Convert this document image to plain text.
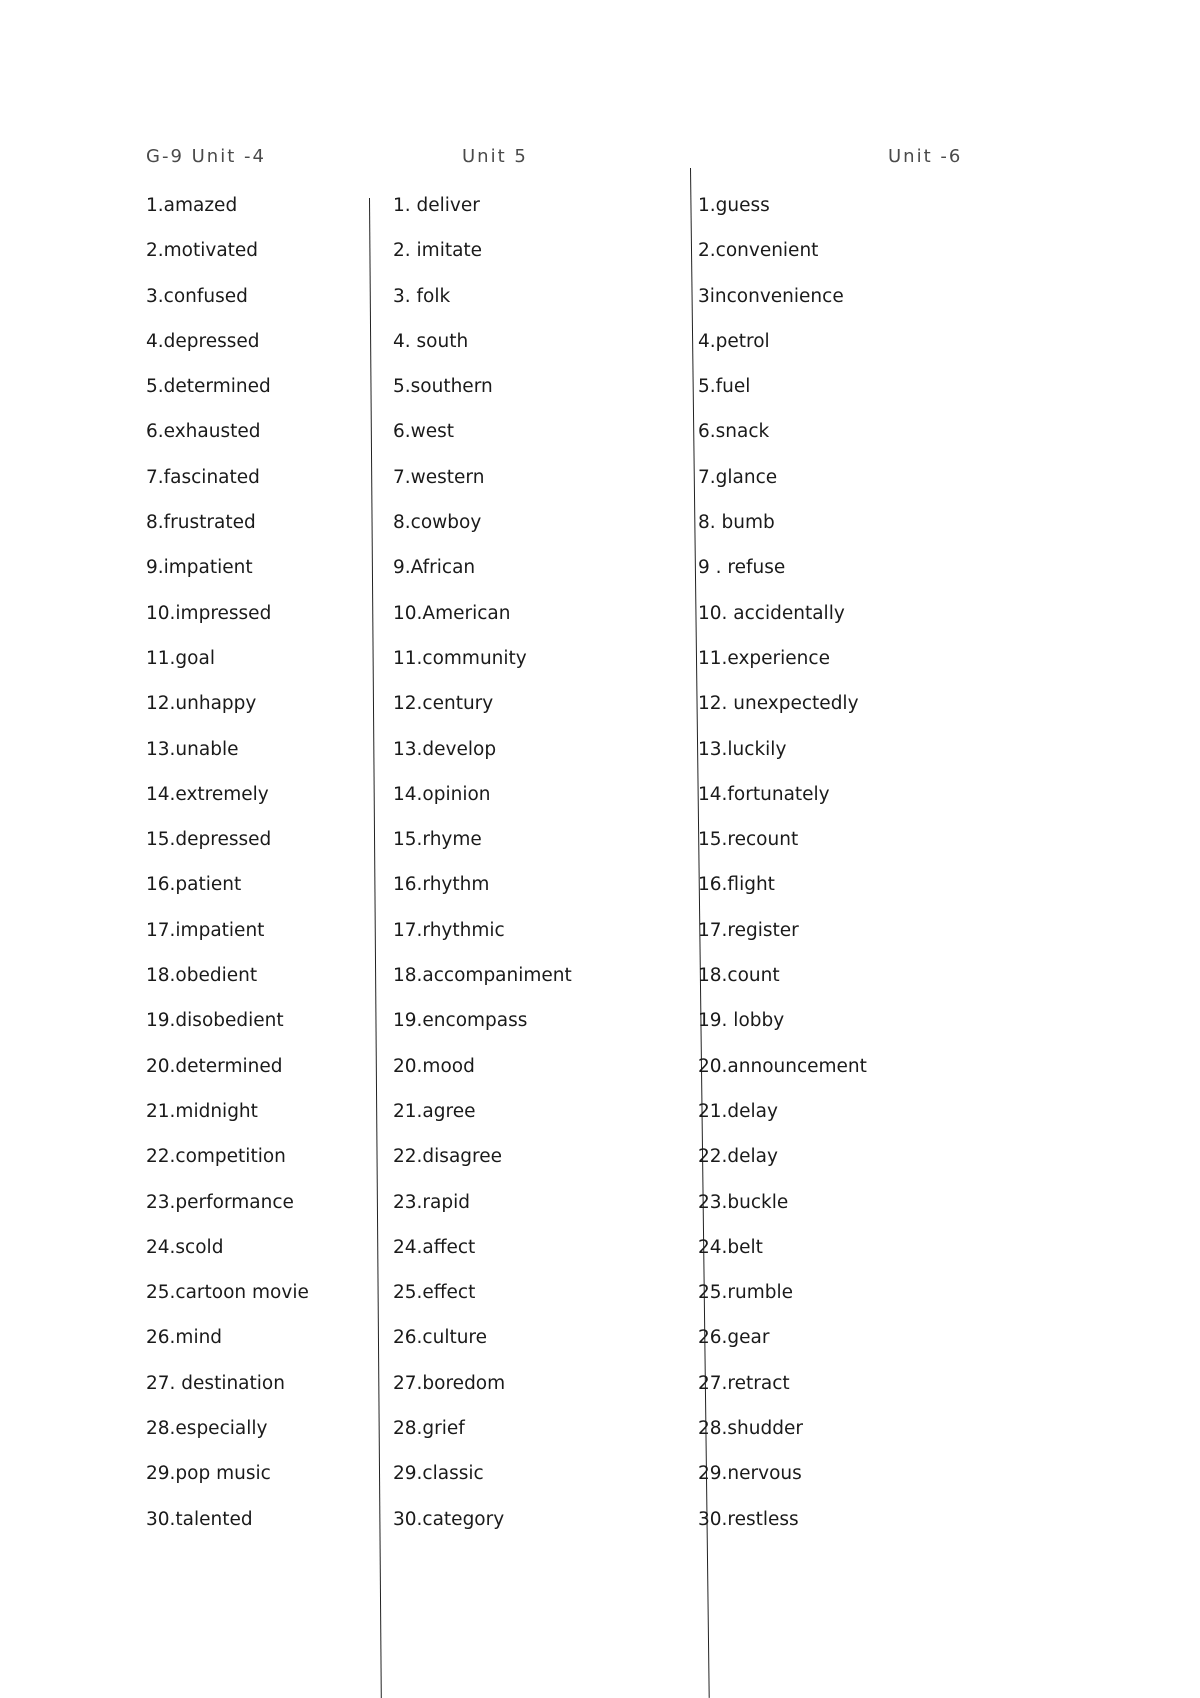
G-9 Unit -4	Unit 5	Unit -6
1.amazed
2.motivated
3.confused
4.depressed
5.determined
6.exhausted
7.fascinated
8.frustrated
9.impatient
10.impressed
11.goal
12.unhappy
13.unable
14.extremely
15.depressed
16.patient
17.impatient
18.obedient
19.disobedient
20.determined
21.midnight
22.competition
23.performance
24.scold
25.cartoon movie
26.mind
27. destination
28.especially
29.pop music
30.talented
1. deliver
2. imitate
3. folk
4. south
5.southern
6.west
7.western
8.cowboy
9.African
10.American
11.community
12.century
13.develop
14.opinion
15.rhyme
16.rhythm
17.rhythmic
18.accompaniment
19.encompass
20.mood
21.agree
22.disagree
23.rapid
24.affect
25.effect
26.culture
27.boredom
28.grief
29.classic
30.category
1.guess
2.convenient
3inconvenience
4.petrol
5.fuel
6.snack
7.glance
8. bumb
9 . refuse
10. accidentally
11.experience
12. unexpectedly
13.luckily
14.fortunately
15.recount
16.flight
17.register
18.count
19. lobby
20.announcement
21.delay
22.delay
23.buckle
24.belt
25.rumble
26.gear
27.retract
28.shudder
29.nervous
30.restless
